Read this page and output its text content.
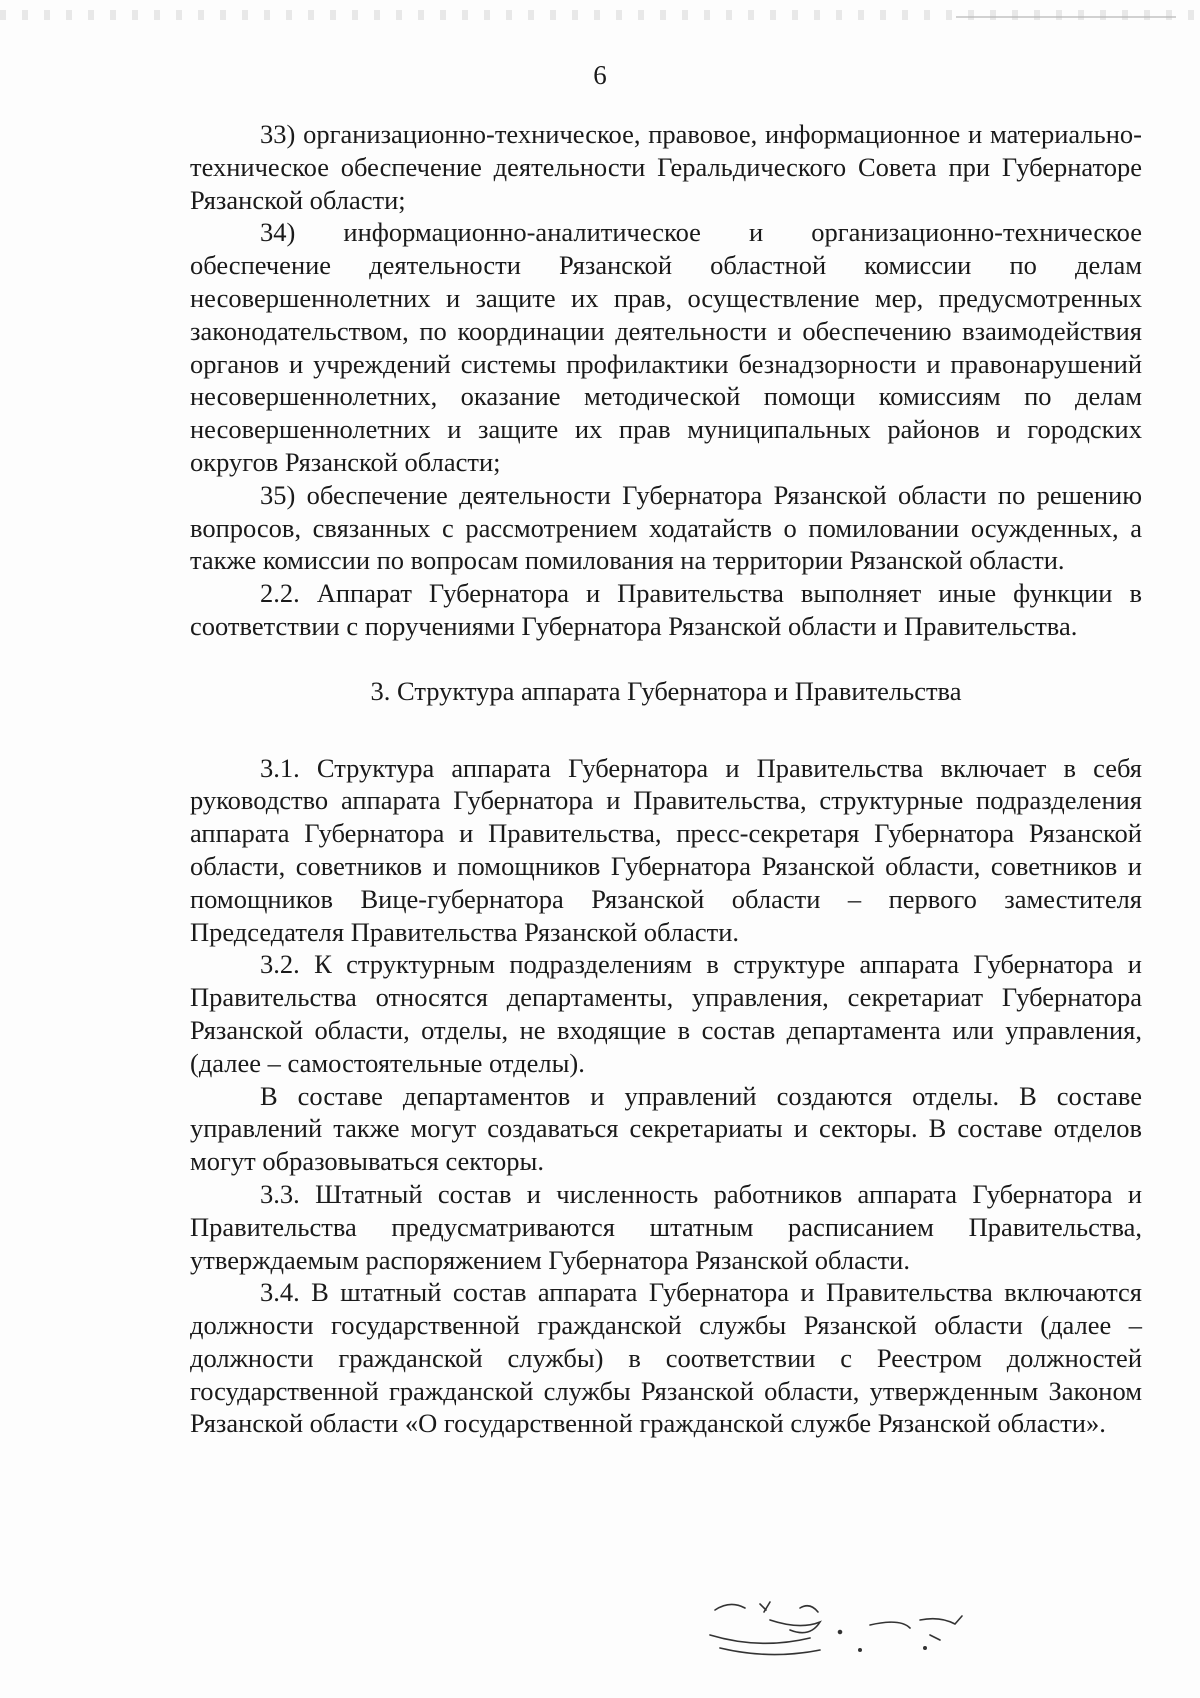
6

33) организационно-техническое, правовое, информационное и материально-техническое обеспечение деятельности Геральдического Совета при Губернаторе Рязанской области;

34) информационно-аналитическое и организационно-техническое обеспечение деятельности Рязанской областной комиссии по делам несовершеннолетних и защите их прав, осуществление мер, предусмотренных законодательством, по координации деятельности и обеспечению взаимодействия органов и учреждений системы профилактики безнадзорности и правонарушений несовершеннолетних, оказание методической помощи комиссиям по делам несовершеннолетних и защите их прав муниципальных районов и городских округов Рязанской области;

35) обеспечение деятельности Губернатора Рязанской области по решению вопросов, связанных с рассмотрением ходатайств о помиловании осужденных, а также комиссии по вопросам помилования на территории Рязанской области.

2.2. Аппарат Губернатора и Правительства выполняет иные функции в соответствии с поручениями Губернатора Рязанской области и Правительства.

3. Структура аппарата Губернатора и Правительства

3.1. Структура аппарата Губернатора и Правительства включает в себя руководство аппарата Губернатора и Правительства, структурные подразделения аппарата Губернатора и Правительства, пресс-секретаря Губернатора Рязанской области, советников и помощников Губернатора Рязанской области, советников и помощников Вице-губернатора Рязанской области – первого заместителя Председателя Правительства Рязанской области.

3.2. К структурным подразделениям в структуре аппарата Губернатора и Правительства относятся департаменты, управления, секретариат Губернатора Рязанской области, отделы, не входящие в состав департамента или управления, (далее – самостоятельные отделы).

В составе департаментов и управлений создаются отделы. В составе управлений также могут создаваться секретариаты и секторы. В составе отделов могут образовываться секторы.

3.3. Штатный состав и численность работников аппарата Губернатора и Правительства предусматриваются штатным расписанием Правительства, утверждаемым распоряжением Губернатора Рязанской области.

3.4. В штатный состав аппарата Губернатора и Правительства включаются должности государственной гражданской службы Рязанской области (далее – должности гражданской службы) в соответствии с Реестром должностей государственной гражданской службы Рязанской области, утвержденным Законом Рязанской области «О государственной гражданской службе Рязанской области».
